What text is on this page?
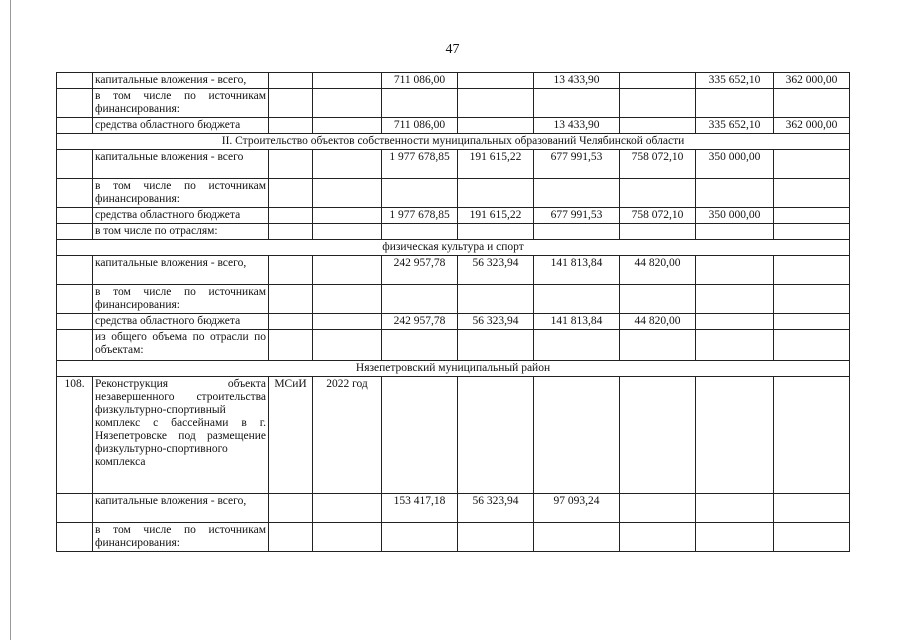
47
	капитальные вложения - всего,			711 086,00		13 433,90		335 652,10	362 000,00
	в том числе по источникам финансирования:								
	средства областного бюджета			711 086,00		13 433,90		335 652,10	362 000,00
II. Строительство объектов собственности муниципальных образований Челябинской области									
	капитальные вложения - всего			1 977 678,85	191 615,22	677 991,53	758 072,10	350 000,00	
	в том числе по источникам финансирования:								
	средства областного бюджета			1 977 678,85	191 615,22	677 991,53	758 072,10	350 000,00	
	в том числе по отраслям:								
физическая культура и спорт									
	капитальные вложения - всего,			242 957,78	56 323,94	141 813,84	44 820,00		
	в том числе по источникам финансирования:								
	средства областного бюджета			242 957,78	56 323,94	141 813,84	44 820,00		
	из общего объема по отрасли по объектам:								
Нязепетровский муниципальный район									
108.	Реконструкция объекта незавершенного строительства физкультурно-спортивный комплекс с бассейнами в г. Нязепетровске под размещение физкультурно-спортивного комплекса	МСиИ	2022 год						
	капитальные вложения - всего,			153 417,18	56 323,94	97 093,24			
	в том числе по источникам финансирования:								
